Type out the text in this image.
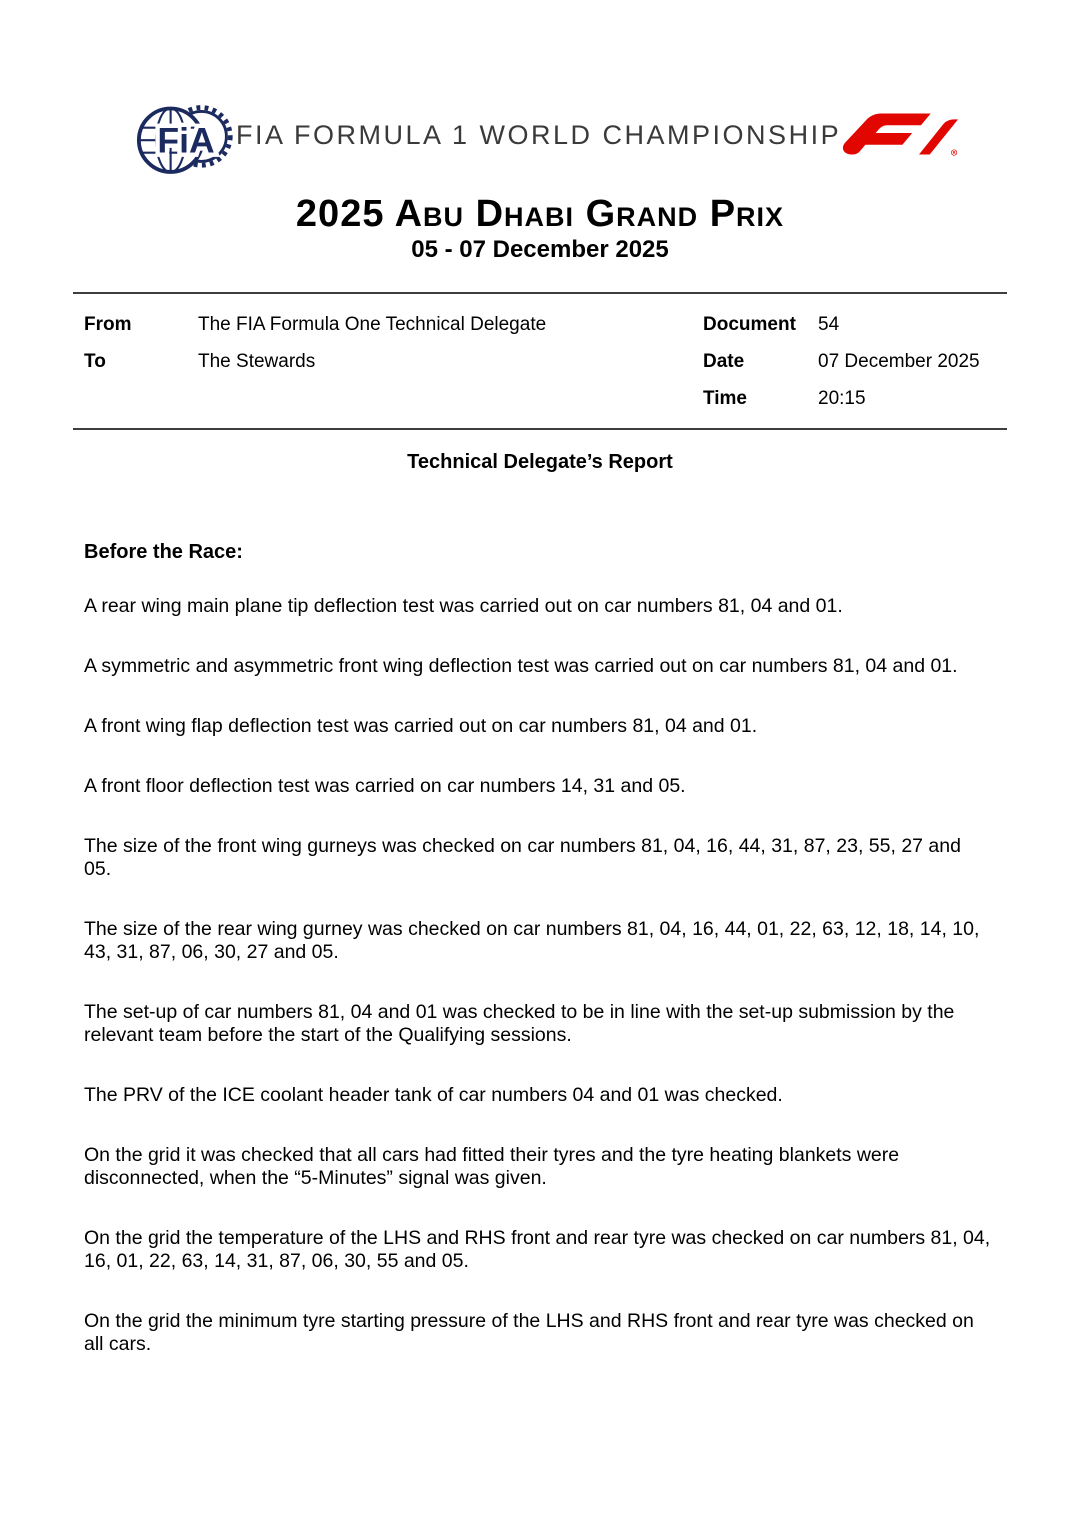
FiA FIA FORMULA 1 WORLD CHAMPIONSHIP
R
2025 Abu Dhabi Grand Prix
05 - 07 December 2025
From	The FIA Formula One Technical Delegate
To	The Stewards
Document	54
Date	07 December 2025
Time	20:15
Technical Delegate’s Report
Before the Race:

A rear wing main plane tip deflection test was carried out on car numbers 81, 04 and 01.

A symmetric and asymmetric front wing deflection test was carried out on car numbers 81, 04 and 01.

A front wing flap deflection test was carried out on car numbers 81, 04 and 01.

A front floor deflection test was carried on car numbers 14, 31 and 05.

The size of the front wing gurneys was checked on car numbers 81, 04, 16, 44, 31, 87, 23, 55, 27 and 05.

The size of the rear wing gurney was checked on car numbers 81, 04, 16, 44, 01, 22, 63, 12, 18, 14, 10, 43, 31, 87, 06, 30, 27 and 05.

The set-up of car numbers 81, 04 and 01 was checked to be in line with the set-up submission by the relevant team before the start of the Qualifying sessions.

The PRV of the ICE coolant header tank of car numbers 04 and 01 was checked.

On the grid it was checked that all cars had fitted their tyres and the tyre heating blankets were disconnected, when the “5-Minutes” signal was given.

On the grid the temperature of the LHS and RHS front and rear tyre was checked on car numbers 81, 04, 16, 01, 22, 63, 14, 31, 87, 06, 30, 55 and 05.

On the grid the minimum tyre starting pressure of the LHS and RHS front and rear tyre was checked on all cars.
